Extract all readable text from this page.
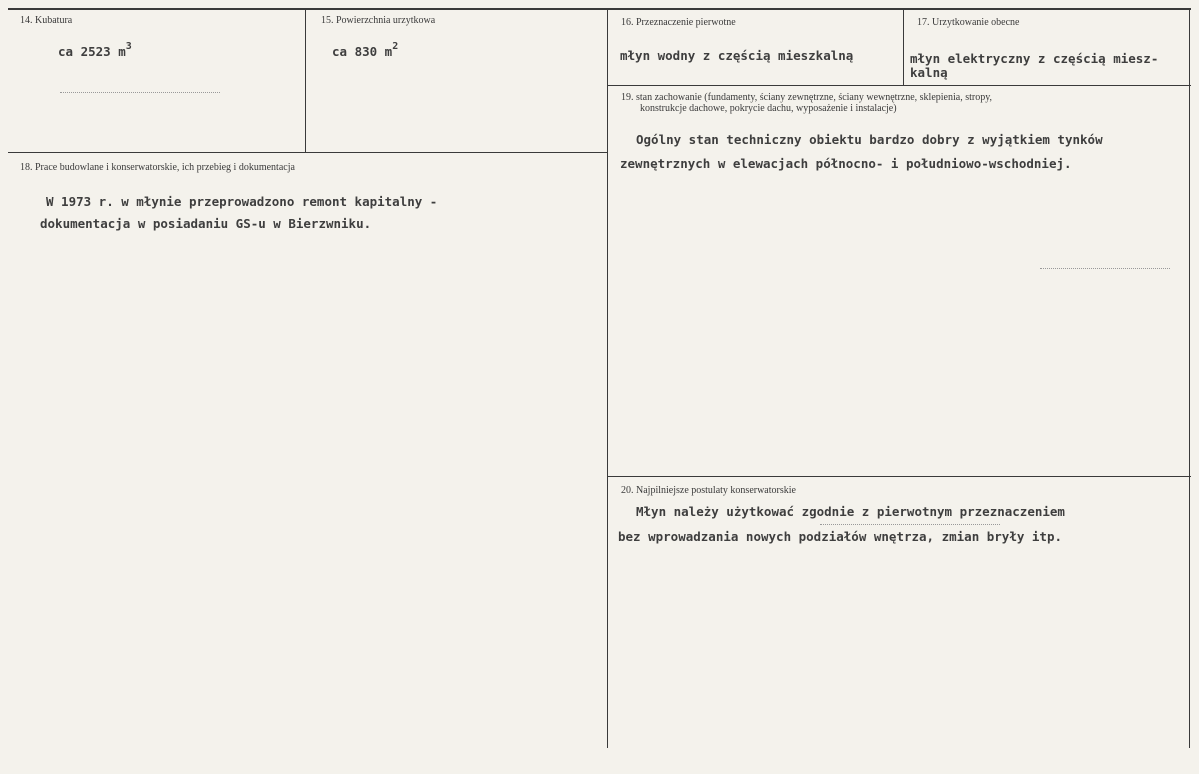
14. Kubatura
ca 2523 $m^3$
15. Powierzchnia urzytkowa
ca 830 $m^2$
16. Przeznaczenie pierwotne
młyn wodny z częścią mieszkalną
17. Urzytkowanie obecne
młyn elektryczny z częścią miesz-
kalną
18. Prace budowlane i konserwatorskie, ich przebieg i dokumentacja
W 1973 r. w młynie przeprowadzono remont kapitalny -
dokumentacja w posiadaniu GS-u w Bierzwniku.
19. stan zachowanie (fundamenty, ściany zewnętrzne, ściany wewnętrzne, sklepienia, stropy,
konstrukcje dachowe, pokrycie dachu, wyposażenie i instalacje)
Ogólny stan techniczny obiektu bardzo dobry z wyjątkiem tynków
zewnętrznych w elewacjach północno- i południowo-wschodniej.
20. Najpilniejsze postulaty konserwatorskie
Młyn należy użytkować zgodnie z pierwotnym przeznaczeniem
bez wprowadzania nowych podziałów wnętrza, zmian bryły itp.
